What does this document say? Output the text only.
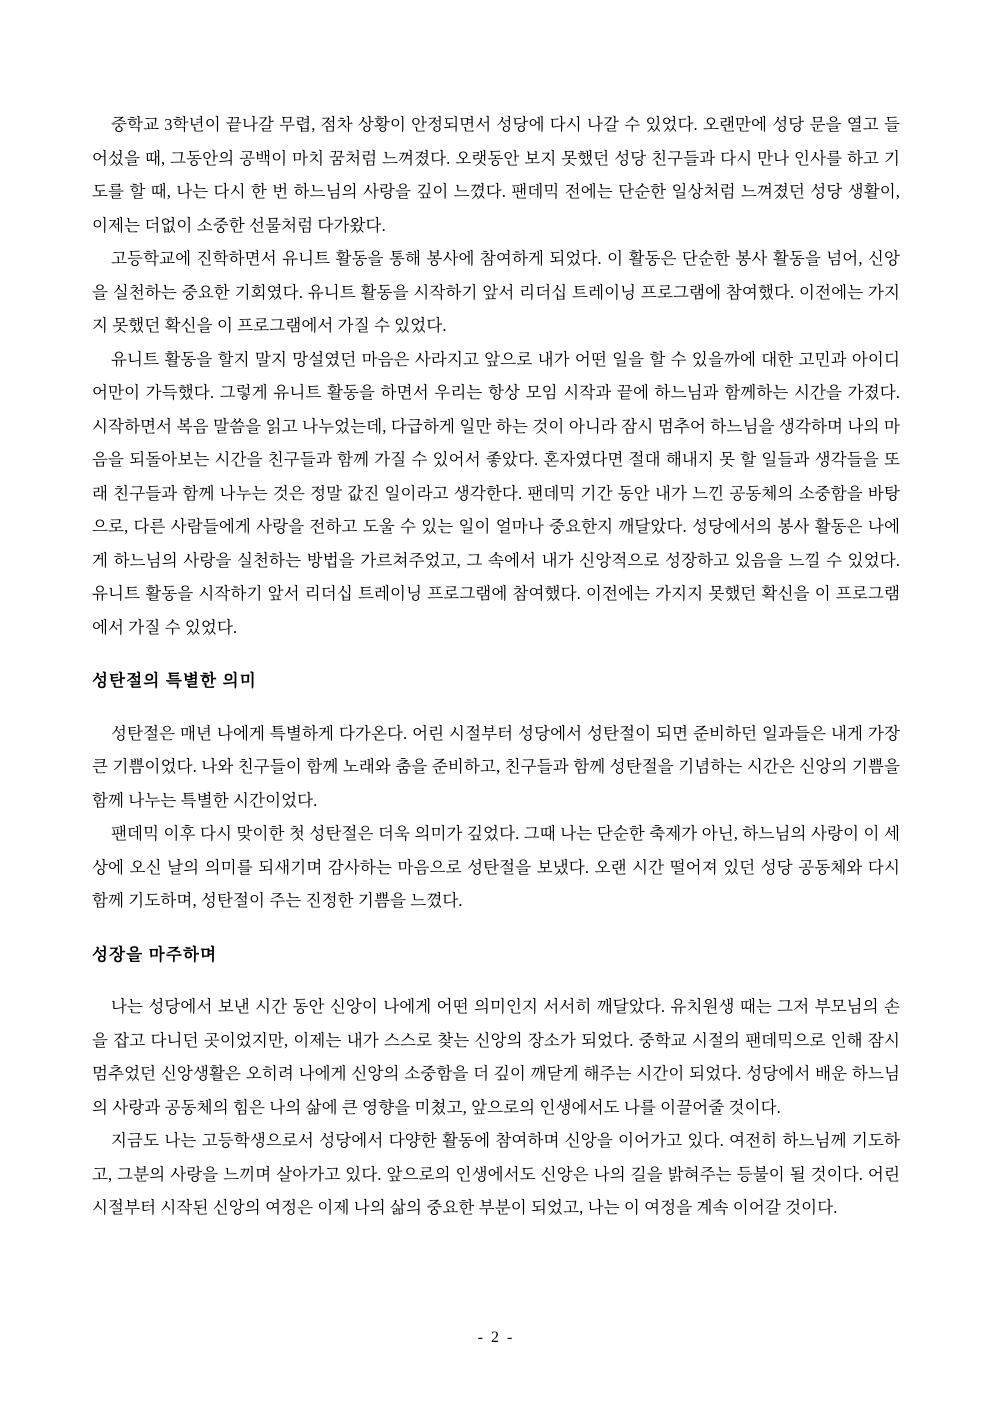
중학교 3학년이 끝나갈 무렵, 점차 상황이 안정되면서 성당에 다시 나갈 수 있었다. 오랜만에 성당 문을 열고 들어섰을 때, 그동안의 공백이 마치 꿈처럼 느껴졌다. 오랫동안 보지 못했던 성당 친구들과 다시 만나 인사를 하고 기도를 할 때, 나는 다시 한 번 하느님의 사랑을 깊이 느꼈다. 팬데믹 전에는 단순한 일상처럼 느껴졌던 성당 생활이, 이제는 더없이 소중한 선물처럼 다가왔다.

고등학교에 진학하면서 유니트 활동을 통해 봉사에 참여하게 되었다. 이 활동은 단순한 봉사 활동을 넘어, 신앙을 실천하는 중요한 기회였다. 유니트 활동을 시작하기 앞서 리더십 트레이닝 프로그램에 참여했다. 이전에는 가지지 못했던 확신을 이 프로그램에서 가질 수 있었다.

유니트 활동을 할지 말지 망설였던 마음은 사라지고 앞으로 내가 어떤 일을 할 수 있을까에 대한 고민과 아이디어만이 가득했다. 그렇게 유니트 활동을 하면서 우리는 항상 모임 시작과 끝에 하느님과 함께하는 시간을 가졌다. 시작하면서 복음 말씀을 읽고 나누었는데, 다급하게 일만 하는 것이 아니라 잠시 멈추어 하느님을 생각하며 나의 마음을 되돌아보는 시간을 친구들과 함께 가질 수 있어서 좋았다. 혼자였다면 절대 해내지 못 할 일들과 생각들을 또래 친구들과 함께 나누는 것은 정말 값진 일이라고 생각한다. 팬데믹 기간 동안 내가 느낀 공동체의 소중함을 바탕으로, 다른 사람들에게 사랑을 전하고 도울 수 있는 일이 얼마나 중요한지 깨달았다. 성당에서의 봉사 활동은 나에게 하느님의 사랑을 실천하는 방법을 가르쳐주었고, 그 속에서 내가 신앙적으로 성장하고 있음을 느낄 수 있었다. 유니트 활동을 시작하기 앞서 리더십 트레이닝 프로그램에 참여했다. 이전에는 가지지 못했던 확신을 이 프로그램에서 가질 수 있었다.

성탄절의 특별한 의미

성탄절은 매년 나에게 특별하게 다가온다. 어린 시절부터 성당에서 성탄절이 되면 준비하던 일과들은 내게 가장 큰 기쁨이었다. 나와 친구들이 함께 노래와 춤을 준비하고, 친구들과 함께 성탄절을 기념하는 시간은 신앙의 기쁨을 함께 나누는 특별한 시간이었다.

팬데믹 이후 다시 맞이한 첫 성탄절은 더욱 의미가 깊었다. 그때 나는 단순한 축제가 아닌, 하느님의 사랑이 이 세상에 오신 날의 의미를 되새기며 감사하는 마음으로 성탄절을 보냈다. 오랜 시간 떨어져 있던 성당 공동체와 다시 함께 기도하며, 성탄절이 주는 진정한 기쁨을 느꼈다.

성장을 마주하며

나는 성당에서 보낸 시간 동안 신앙이 나에게 어떤 의미인지 서서히 깨달았다. 유치원생 때는 그저 부모님의 손을 잡고 다니던 곳이었지만, 이제는 내가 스스로 찾는 신앙의 장소가 되었다. 중학교 시절의 팬데믹으로 인해 잠시 멈추었던 신앙생활은 오히려 나에게 신앙의 소중함을 더 깊이 깨닫게 해주는 시간이 되었다. 성당에서 배운 하느님의 사랑과 공동체의 힘은 나의 삶에 큰 영향을 미쳤고, 앞으로의 인생에서도 나를 이끌어줄 것이다.

지금도 나는 고등학생으로서 성당에서 다양한 활동에 참여하며 신앙을 이어가고 있다. 여전히 하느님께 기도하고, 그분의 사랑을 느끼며 살아가고 있다. 앞으로의 인생에서도 신앙은 나의 길을 밝혀주는 등불이 될 것이다. 어린 시절부터 시작된 신앙의 여정은 이제 나의 삶의 중요한 부분이 되었고, 나는 이 여정을 계속 이어갈 것이다.

- 2 -
